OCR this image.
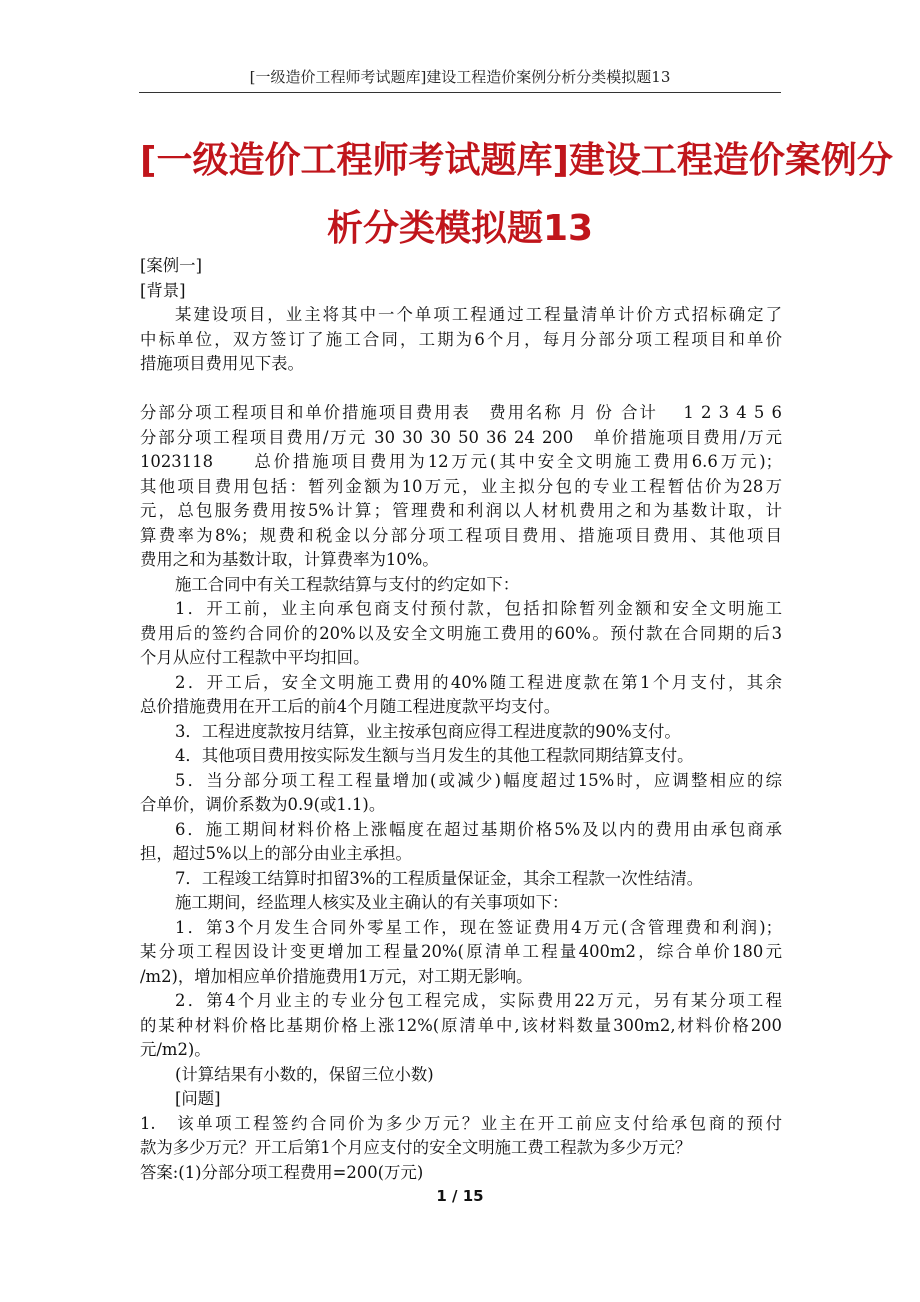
[一级造价工程师考试题库]建设工程造价案例分析分类模拟题13
[一级造价工程师考试题库]建设工程造价案例分
析分类模拟题13
[案例一]
[背景]
某建设项目，业主将其中一个单项工程通过工程量清单计价方式招标确定了
中标单位，双方签订了施工合同，工期为6个月，每月分部分项工程项目和单价
措施项目费用见下表。
分部分项工程项目和单价措施项目费用表　费用名称 月 份 合计　 1 2 3 4 5 6
分部分项工程项目费用/万元 30 30 30 50 36 24 200　单价措施项目费用/万元
1023118　　总价措施项目费用为12万元(其中安全文明施工费用6.6万元)；
其他项目费用包括：暂列金额为10万元，业主拟分包的专业工程暂估价为28万
元，总包服务费用按5%计算；管理费和利润以人材机费用之和为基数计取，计
算费率为8%；规费和税金以分部分项工程项目费用、措施项目费用、其他项目
费用之和为基数计取，计算费率为10%。
施工合同中有关工程款结算与支付的约定如下：
1．开工前，业主向承包商支付预付款，包括扣除暂列金额和安全文明施工
费用后的签约合同价的20%以及安全文明施工费用的60%。预付款在合同期的后3
个月从应付工程款中平均扣回。
2．开工后，安全文明施工费用的40%随工程进度款在第1个月支付，其余
总价措施费用在开工后的前4个月随工程进度款平均支付。
3．工程进度款按月结算，业主按承包商应得工程进度款的90%支付。
4．其他项目费用按实际发生额与当月发生的其他工程款同期结算支付。
5．当分部分项工程工程量增加(或减少)幅度超过15%时，应调整相应的综
合单价，调价系数为0.9(或1.1)。
6．施工期间材料价格上涨幅度在超过基期价格5%及以内的费用由承包商承
担，超过5%以上的部分由业主承担。
7．工程竣工结算时扣留3%的工程质量保证金，其余工程款一次性结清。
施工期间，经监理人核实及业主确认的有关事项如下：
1．第3个月发生合同外零星工作，现在签证费用4万元(含管理费和利润)；
某分项工程因设计变更增加工程量20%(原清单工程量400m2，综合单价180元
/m2)，增加相应单价措施费用1万元，对工期无影响。
2．第4个月业主的专业分包工程完成，实际费用22万元，另有某分项工程
的某种材料价格比基期价格上涨12%(原清单中,该材料数量300m2,材料价格200
元/m2)。
(计算结果有小数的，保留三位小数)
[问题]
1.　该单项工程签约合同价为多少万元？业主在开工前应支付给承包商的预付
款为多少万元？开工后第1个月应支付的安全文明施工费工程款为多少万元？
答案:(1)分部分项工程费用=200(万元)
1 / 15
